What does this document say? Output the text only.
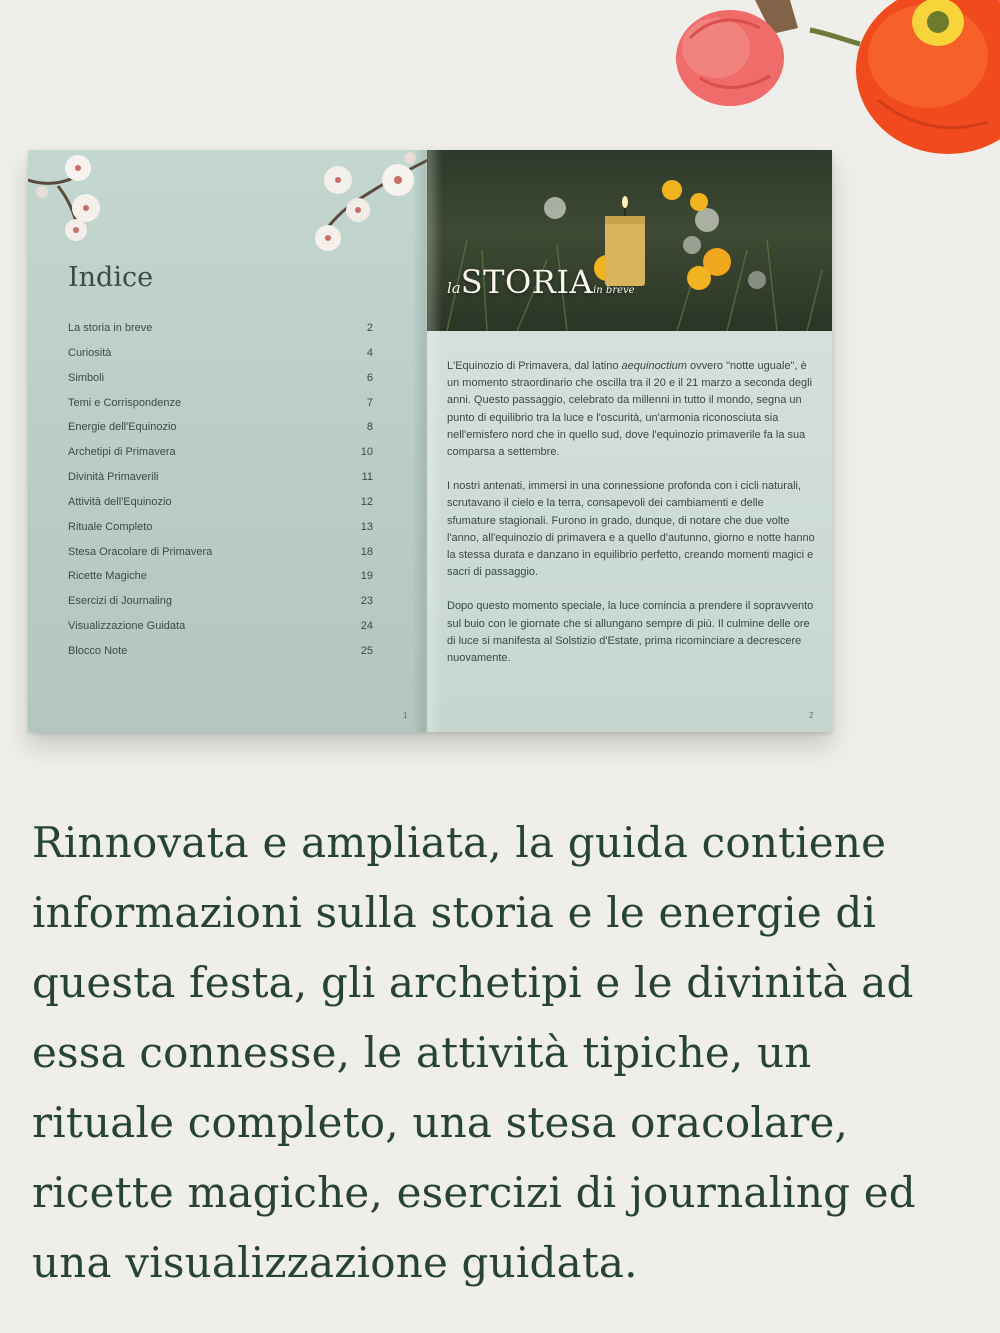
Indice
La storia in breve	2
Curiosità	4
Simboli	6
Temi e Corrispondenze	7
Energie dell'Equinozio	8
Archetipi di Primavera	10
Divinità Primaverili	11
Attività dell'Equinozio	12
Rituale Completo	13
Stesa Oracolare di Primavera	18
Ricette Magiche	19
Esercizi di Journaling	23
Visualizzazione Guidata	24
Blocco Note	25
1
laSTORIAin breve

L'Equinozio di Primavera, dal latino aequinoctium ovvero "notte uguale", è un momento straordinario che oscilla tra il 20 e il 21 marzo a seconda degli anni. Questo passaggio, celebrato da millenni in tutto il mondo, segna un punto di equilibrio tra la luce e l'oscurità, un'armonia riconosciuta sia nell'emisfero nord che in quello sud, dove l'equinozio primaverile fa la sua comparsa a settembre.

I nostri antenati, immersi in una connessione profonda con i cicli naturali, scrutavano il cielo e la terra, consapevoli dei cambiamenti e delle sfumature stagionali. Furono in grado, dunque, di notare che due volte l'anno, all'equinozio di primavera e a quello d'autunno, giorno e notte hanno la stessa durata e danzano in equilibrio perfetto, creando momenti magici e sacri di passaggio.

Dopo questo momento speciale, la luce comincia a prendere il sopravvento sul buio con le giornate che si allungano sempre di più. Il culmine delle ore di luce si manifesta al Solstizio d'Estate, prima ricominciare a decrescere nuovamente.

2

Rinnovata e ampliata, la guida contiene informazioni sulla storia e le energie di questa festa, gli archetipi e le divinità ad essa connesse, le attività tipiche, un rituale completo, una stesa oracolare, ricette magiche, esercizi di journaling ed una visualizzazione guidata.
